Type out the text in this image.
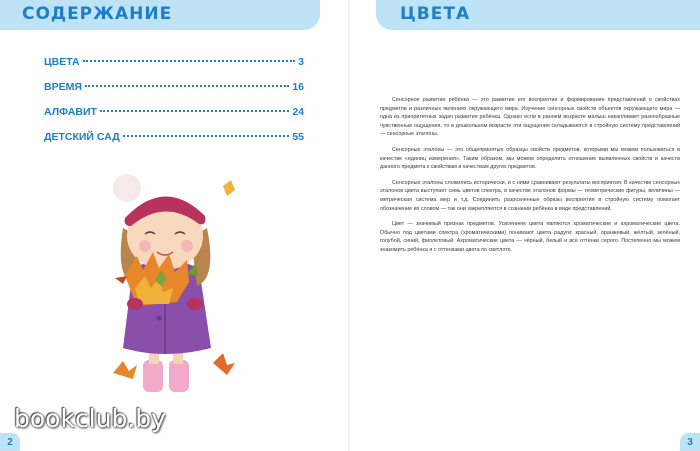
СОДЕРЖАНИЕ
ЦВЕТА	3
ВРЕМЯ	16
АЛФАВИТ	24
ДЕТСКИЙ САД	55
bookclub.by
2
ЦВЕТА

Сенсорное развитие ребёнка — это развитие его восприятия и формирование представлений о свойствах предметов и различных явлениях окружающего мира. Изучение сенсорных свойств объектов окружающего мира — одна из приоритетных задач развития ребёнка. Однако если в раннем возрасте малыш накапливает разнообразные чувственные ощущения, то в дошкольном возрасте эти ощущения складываются в стройную систему представлений — сенсорные эталоны.

Сенсорные эталоны — это общепринятые образцы свойств предметов, которыми мы можем пользоваться в качестве «единиц измерения». Таким образом, мы можем определить отношение выявленных свойств и качеств данного предмета к свойствам и качествам других предметов.

Сенсорные эталоны сложились исторически, и с ними сравнивают результаты восприятия. В качестве сенсорных эталонов цвета выступает семь цветов спектра, в качестве эталонов формы — геометрические фигуры, величины — метрическая система мер и т.д. Соединить разрозненные образы восприятия в стройную систему помогает обозначение их словом — так они закрепляются в сознании ребёнка в виде представлений.

Цвет — значимый признак предметов. Усвоением цвета являются хроматические и ахроматические цвета. Обычно под цветами спектра (хроматическими) понимают цвета радуги: красный, оранжевый, жёлтый, зелёный, голубой, синий, фиолетовый. Ахроматические цвета — чёрный, белый и все оттенки серого. Постепенно мы можем знакомить ребёнка и с оттенками цвета по светлоте.

3
